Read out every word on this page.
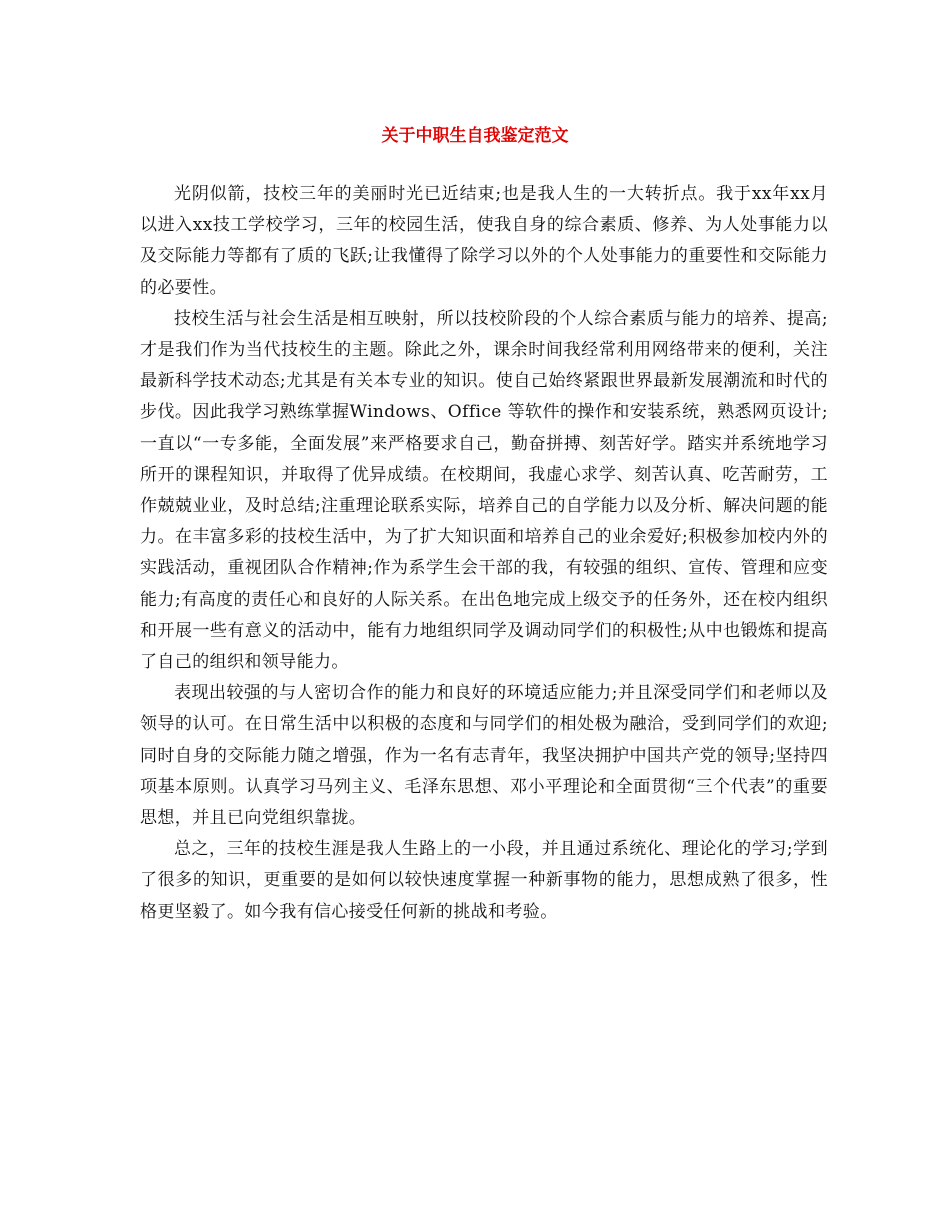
关于中职生自我鉴定范文

光阴似箭，技校三年的美丽时光已近结束;也是我人生的一大转折点。我于xx年xx月以进入xx技工学校学习，三年的校园生活，使我自身的综合素质、修养、为人处事能力以及交际能力等都有了质的飞跃;让我懂得了除学习以外的个人处事能力的重要性和交际能力的必要性。

技校生活与社会生活是相互映射，所以技校阶段的个人综合素质与能力的培养、提高;才是我们作为当代技校生的主题。除此之外，课余时间我经常利用网络带来的便利，关注最新科学技术动态;尤其是有关本专业的知识。使自己始终紧跟世界最新发展潮流和时代的步伐。因此我学习熟练掌握Windows、Office 等软件的操作和安装系统，熟悉网页设计;一直以“一专多能，全面发展”来严格要求自己，勤奋拼搏、刻苦好学。踏实并系统地学习所开的课程知识，并取得了优异成绩。在校期间，我虚心求学、刻苦认真、吃苦耐劳，工作兢兢业业，及时总结;注重理论联系实际，培养自己的自学能力以及分析、解决问题的能力。在丰富多彩的技校生活中，为了扩大知识面和培养自己的业余爱好;积极参加校内外的实践活动，重视团队合作精神;作为系学生会干部的我，有较强的组织、宣传、管理和应变能力;有高度的责任心和良好的人际关系。在出色地完成上级交予的任务外，还在校内组织和开展一些有意义的活动中，能有力地组织同学及调动同学们的积极性;从中也锻炼和提高了自己的组织和领导能力。

表现出较强的与人密切合作的能力和良好的环境适应能力;并且深受同学们和老师以及领导的认可。在日常生活中以积极的态度和与同学们的相处极为融洽，受到同学们的欢迎;同时自身的交际能力随之增强，作为一名有志青年，我坚决拥护中国共产党的领导;坚持四项基本原则。认真学习马列主义、毛泽东思想、邓小平理论和全面贯彻“三个代表”的重要思想，并且已向党组织靠拢。

总之，三年的技校生涯是我人生路上的一小段，并且通过系统化、理论化的学习;学到了很多的知识，更重要的是如何以较快速度掌握一种新事物的能力，思想成熟了很多，性格更坚毅了。如今我有信心接受任何新的挑战和考验。
